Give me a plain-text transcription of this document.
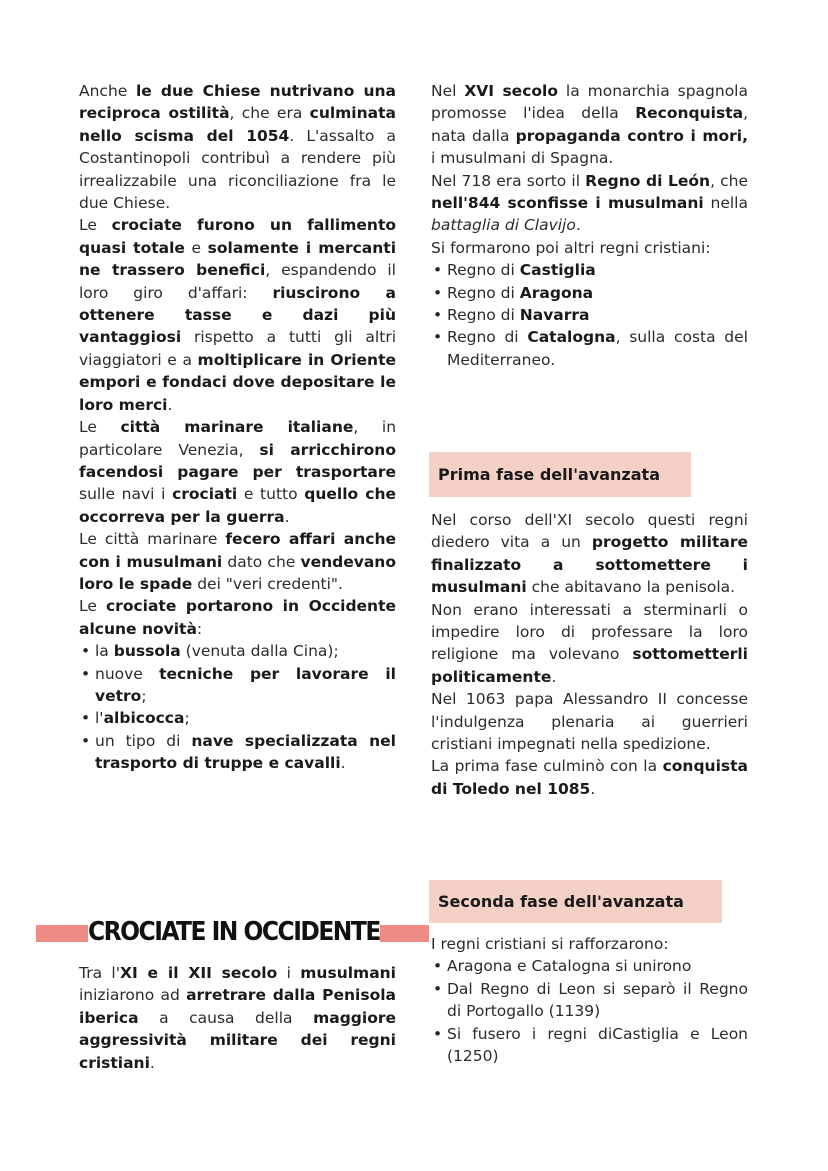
Anche le due Chiese nutrivano una reciproca ostilità, che era culminata nello scisma del 1054. L'assalto a Costantinopoli contribuì a rendere più irrealizzabile una riconciliazione fra le due Chiese.

Le crociate furono un fallimento quasi totale e solamente i mercanti ne trassero benefici, espandendo il loro giro d'affari: riuscirono a ottenere tasse e dazi più vantaggiosi rispetto a tutti gli altri viaggiatori e a moltiplicare in Oriente empori e fondaci dove depositare le loro merci.

Le città marinare italiane, in particolare Venezia, si arricchirono facendosi pagare per trasportare sulle navi i crociati e tutto quello che occorreva per la guerra.

Le città marinare fecero affari anche con i musulmani dato che vendevano loro le spade dei "veri credenti".

Le crociate portarono in Occidente alcune novità:

• la bussola (venuta dalla Cina);
• nuove tecniche per lavorare il vetro;
• l'albicocca;
• un tipo di nave specializzata nel trasporto di truppe e cavalli.
CROCIATE IN OCCIDENTE

Tra l'XI e il XII secolo i musulmani iniziarono ad arretrare dalla Penisola iberica a causa della maggiore aggressività militare dei regni cristiani.

Nel XVI secolo la monarchia spagnola promosse l'idea della Reconquista, nata dalla propaganda contro i mori, i musulmani di Spagna.

Nel 718 era sorto il Regno di León, che nell'844 sconfisse i musulmani nella battaglia di Clavijo.

Si formarono poi altri regni cristiani:

• Regno di Castiglia
• Regno di Aragona
• Regno di Navarra
• Regno di Catalogna, sulla costa del Mediterraneo.
Prima fase dell'avanzata

Nel corso dell'XI secolo questi regni diedero vita a un progetto militare finalizzato a sottomettere i musulmani che abitavano la penisola.

Non erano interessati a sterminarli o impedire loro di professare la loro religione ma volevano sottometterli politicamente.

Nel 1063 papa Alessandro II concesse l'indulgenza plenaria ai guerrieri cristiani impegnati nella spedizione.

La prima fase culminò con la conquista di Toledo nel 1085.

Seconda fase dell'avanzata

I regni cristiani si rafforzarono:

• Aragona e Catalogna si unirono
• Dal Regno di Leon si separò il Regno di Portogallo (1139)
• Si fusero i regni diCastiglia e Leon (1250)
